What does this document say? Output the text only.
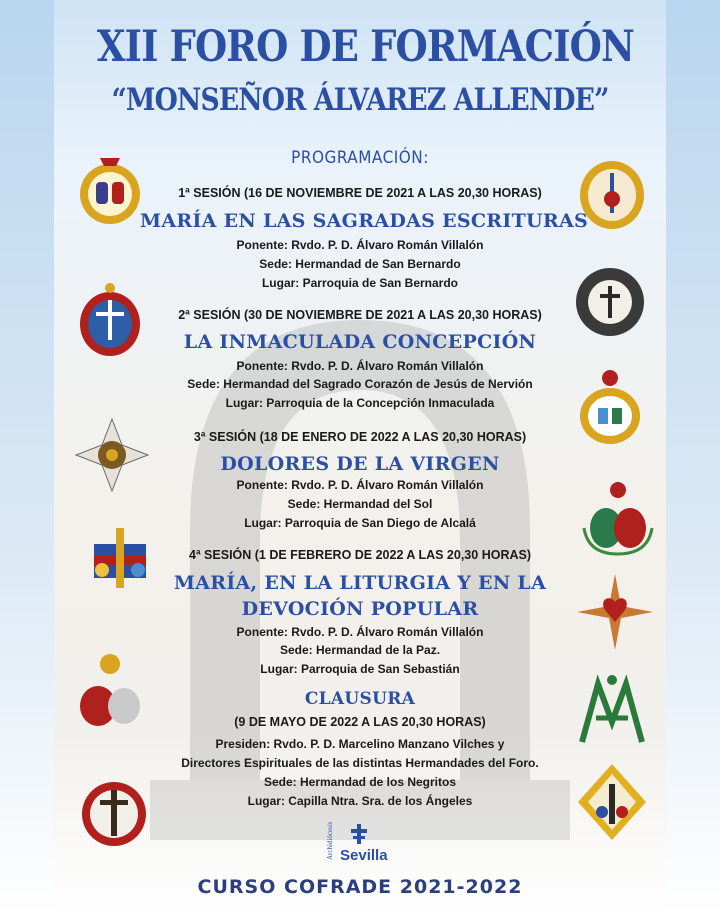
XII FORO DE FORMACIÓN
“MONSEÑOR ÁLVAREZ ALLENDE”
PROGRAMACIÓN:
1ª SESIÓN (16 DE NOVIEMBRE DE 2021 A LAS 20,30 HORAS)
MARÍA EN LAS SAGRADAS ESCRITURAS
Ponente: Rvdo. P. D. Álvaro Román Villalón
Sede: Hermandad de San Bernardo
Lugar: Parroquia de San Bernardo
2ª SESIÓN (30 DE NOVIEMBRE DE 2021 A LAS 20,30 HORAS)
LA INMACULADA CONCEPCIÓN
Ponente: Rvdo. P. D. Álvaro Román Villalón
Sede: Hermandad del Sagrado Corazón de Jesús de Nervión
Lugar: Parroquia de la Concepción Inmaculada
3ª SESIÓN (18 DE ENERO DE 2022 A LAS 20,30 HORAS)
DOLORES DE LA VIRGEN
Ponente: Rvdo. P. D. Álvaro Román Villalón
Sede: Hermandad del Sol
Lugar: Parroquia de San Diego de Alcalá
4ª SESIÓN (1 DE FEBRERO DE 2022 A LAS 20,30 HORAS)
MARÍA, EN LA LITURGIA Y EN LA
DEVOCIÓN POPULAR
Ponente: Rvdo. P. D. Álvaro Román Villalón
Sede: Hermandad de la Paz.
Lugar: Parroquia de San Sebastián
CLAUSURA
(9 DE MAYO DE 2022 A LAS 20,30 HORAS)
Presiden: Rvdo. P. D. Marcelino Manzano Vilches y
Directores Espirituales de las distintas Hermandades del Foro.
Sede: Hermandad de los Negritos
Lugar: Capilla Ntra. Sra. de los Ángeles
Archidiócesis Sevilla
CURSO COFRADE 2021-2022
